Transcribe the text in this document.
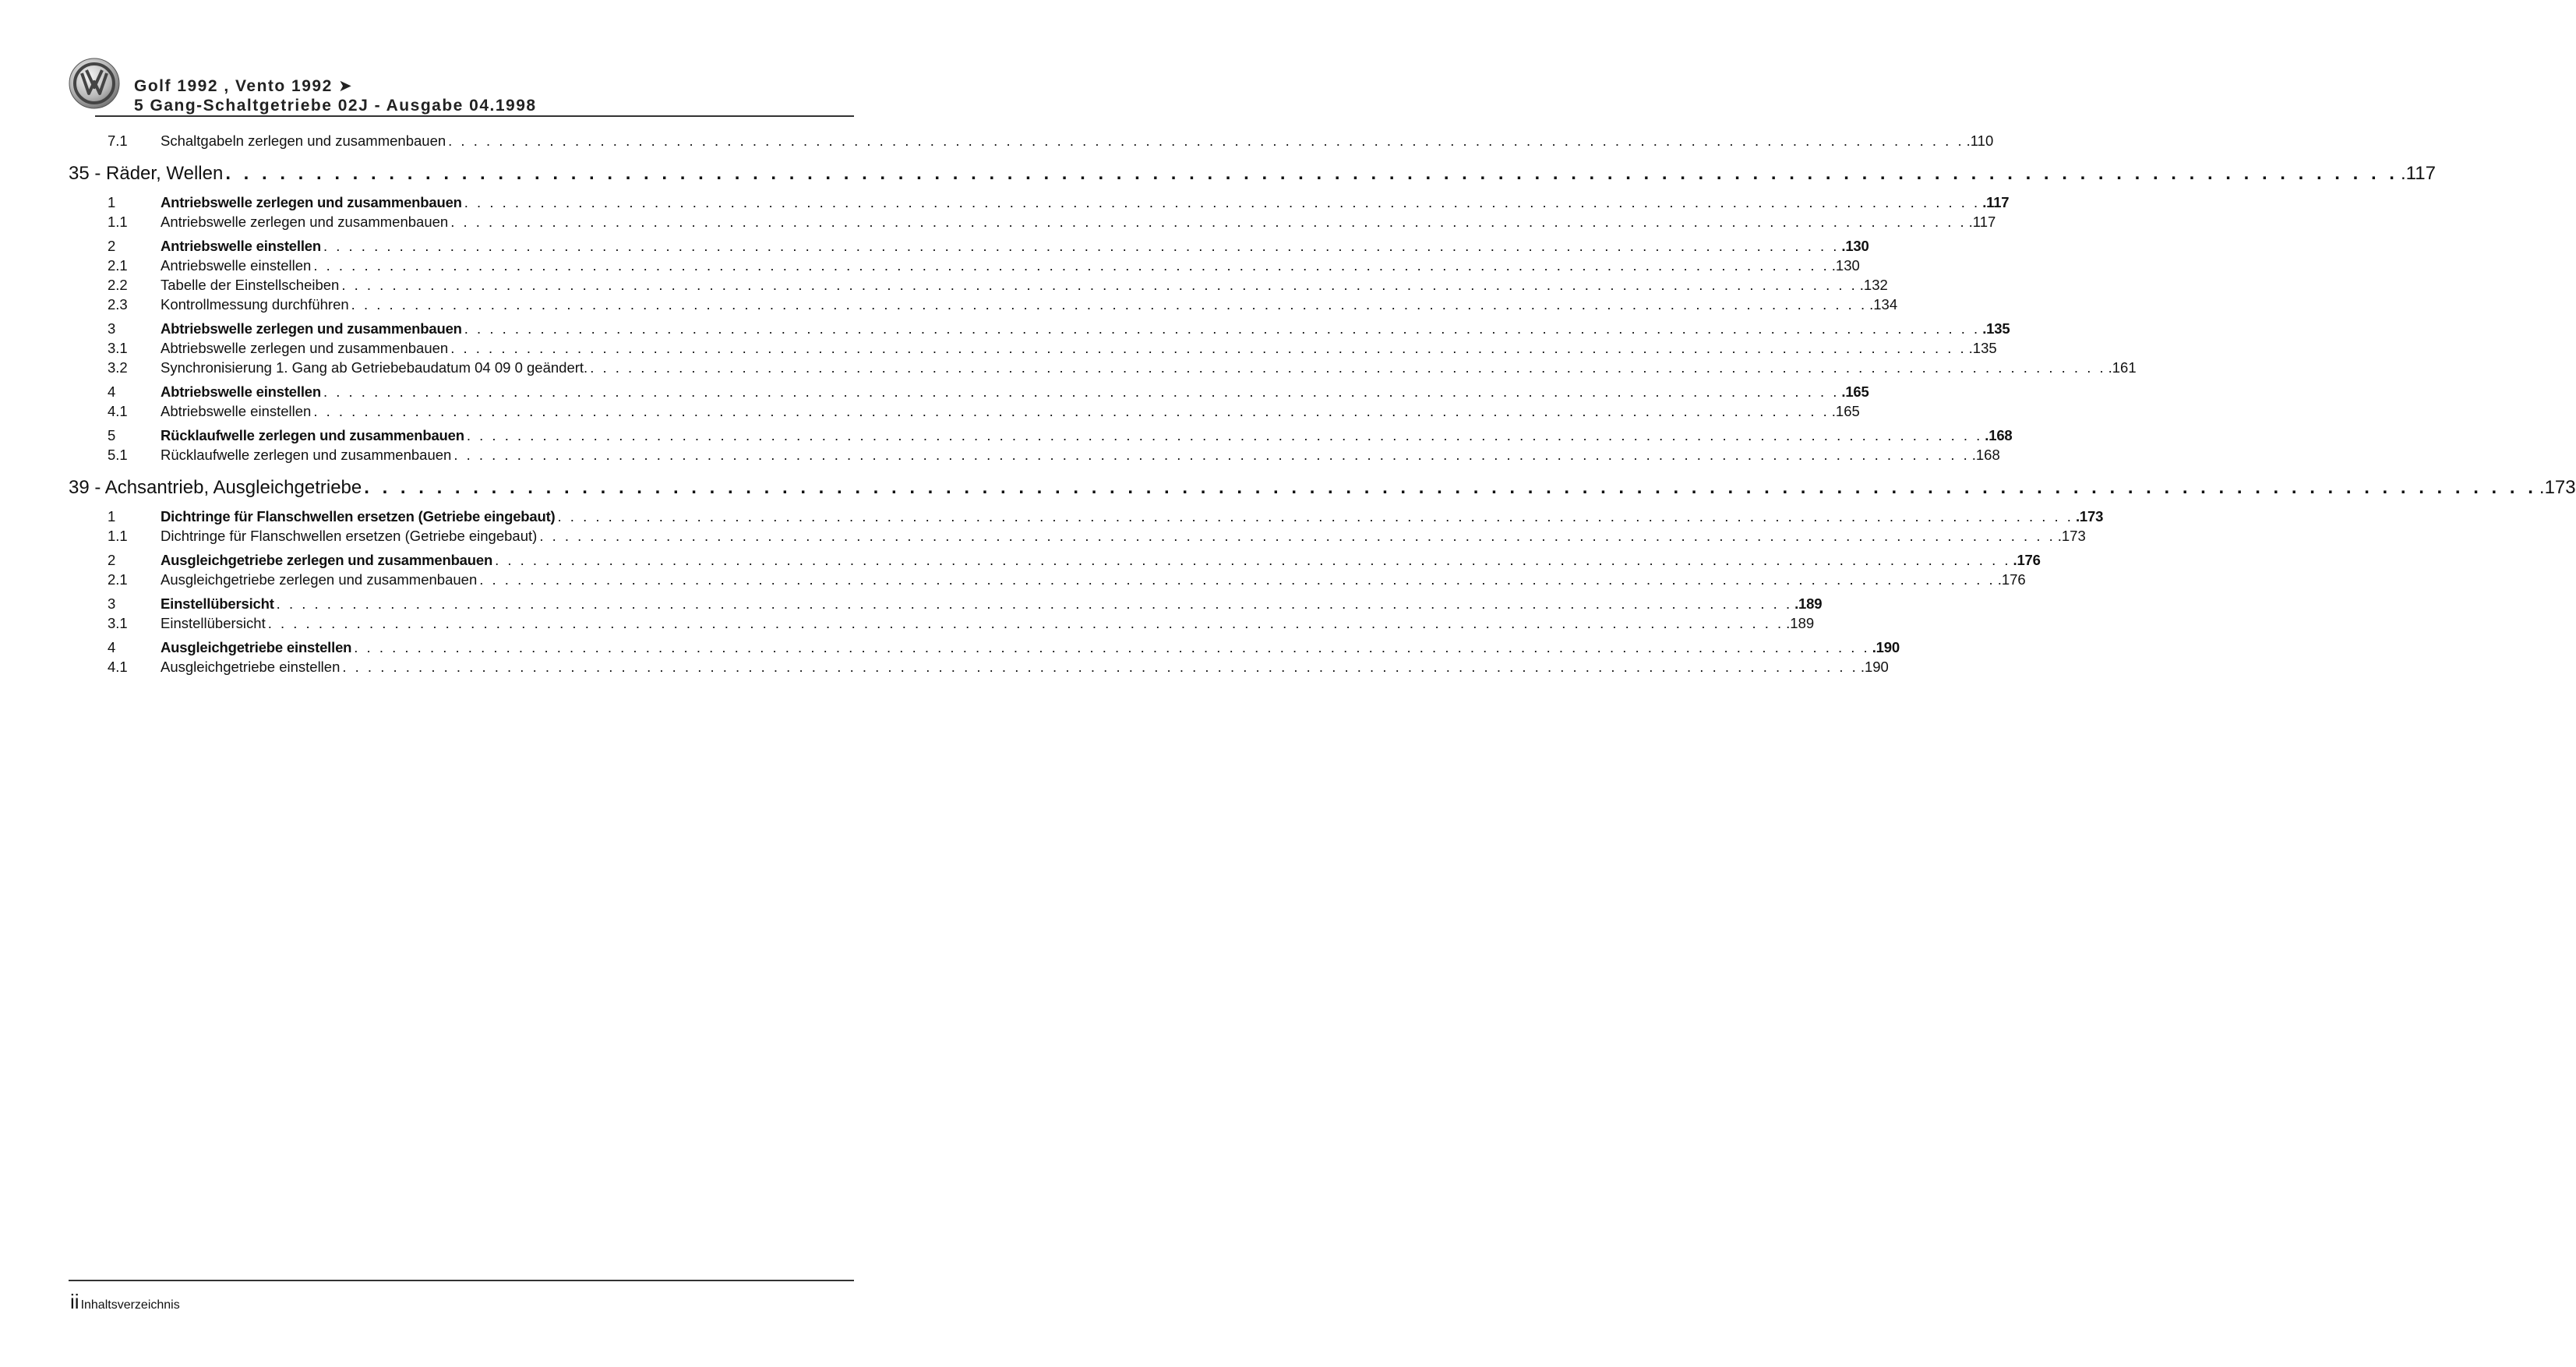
Golf 1992 , Vento 1992 ➤
5 Gang-Schaltgetriebe 02J - Ausgabe 04.1998
7.1	Schaltgabeln zerlegen und zusammenbauen . . . . . . . . . . . . . . . . . . . . . . . . . . . . . . . . . . . . . . . . . . . . . . . . . . . . . . . . . . . . . . . . . . . . . . . . . . . . . . . . . . . . . . . . . . . . . . . . . . . . . . . . . . . . . . . . . . . . . . . . .110
35 - Räder, Wellen . . . . . . . . . . . . . . . . . . . . . . . . . . . . . . . . . . . . . . . . . . . . . . . . . . . . . . . . . . . . . . . . . . . . . . . . . . . . . . . . . . . . . . . . . . . . . . . . . . . . . . . . . . . . . . . . . . . . . . . . .117
1	Antriebswelle zerlegen und zusammenbauen . . . . . . . . . . . . . . . . . . . . . . . . . . . . . . . . . . . . . . . . . . . . . . . . . . . . . . . . . . . . . . . . . . . . . . . . . . . . . . . . . . . . . . . . . . . . . . . . . . . . . . . . . . . . . . . . . . . . . . . . .117
1.1	Antriebswelle zerlegen und zusammenbauen . . . . . . . . . . . . . . . . . . . . . . . . . . . . . . . . . . . . . . . . . . . . . . . . . . . . . . . . . . . . . . . . . . . . . . . . . . . . . . . . . . . . . . . . . . . . . . . . . . . . . . . . . . . . . . . . . . . . . . . . .117
2	Antriebswelle einstellen . . . . . . . . . . . . . . . . . . . . . . . . . . . . . . . . . . . . . . . . . . . . . . . . . . . . . . . . . . . . . . . . . . . . . . . . . . . . . . . . . . . . . . . . . . . . . . . . . . . . . . . . . . . . . . . . . . . . . . . . .130
2.1	Antriebswelle einstellen . . . . . . . . . . . . . . . . . . . . . . . . . . . . . . . . . . . . . . . . . . . . . . . . . . . . . . . . . . . . . . . . . . . . . . . . . . . . . . . . . . . . . . . . . . . . . . . . . . . . . . . . . . . . . . . . . . . . . . . . .130
2.2	Tabelle der Einstellscheiben . . . . . . . . . . . . . . . . . . . . . . . . . . . . . . . . . . . . . . . . . . . . . . . . . . . . . . . . . . . . . . . . . . . . . . . . . . . . . . . . . . . . . . . . . . . . . . . . . . . . . . . . . . . . . . . . . . . . . . . . .132
2.3	Kontrollmessung durchführen . . . . . . . . . . . . . . . . . . . . . . . . . . . . . . . . . . . . . . . . . . . . . . . . . . . . . . . . . . . . . . . . . . . . . . . . . . . . . . . . . . . . . . . . . . . . . . . . . . . . . . . . . . . . . . . . . . . . . . . . .134
3	Abtriebswelle zerlegen und zusammenbauen . . . . . . . . . . . . . . . . . . . . . . . . . . . . . . . . . . . . . . . . . . . . . . . . . . . . . . . . . . . . . . . . . . . . . . . . . . . . . . . . . . . . . . . . . . . . . . . . . . . . . . . . . . . . . . . . . . . . . . . . .135
3.1	Abtriebswelle zerlegen und zusammenbauen . . . . . . . . . . . . . . . . . . . . . . . . . . . . . . . . . . . . . . . . . . . . . . . . . . . . . . . . . . . . . . . . . . . . . . . . . . . . . . . . . . . . . . . . . . . . . . . . . . . . . . . . . . . . . . . . . . . . . . . . .135
3.2	Synchronisierung 1. Gang ab Getriebebaudatum 04 09 0 geändert. . . . . . . . . . . . . . . . . . . . . . . . . . . . . . . . . . . . . . . . . . . . . . . . . . . . . . . . . . . . . . . . . . . . . . . . . . . . . . . . . . . . . . . . . . . . . . . . . . . . . . . . . . . . . . . . . . . . . . . . . .161
4	Abtriebswelle einstellen . . . . . . . . . . . . . . . . . . . . . . . . . . . . . . . . . . . . . . . . . . . . . . . . . . . . . . . . . . . . . . . . . . . . . . . . . . . . . . . . . . . . . . . . . . . . . . . . . . . . . . . . . . . . . . . . . . . . . . . . .165
4.1	Abtriebswelle einstellen . . . . . . . . . . . . . . . . . . . . . . . . . . . . . . . . . . . . . . . . . . . . . . . . . . . . . . . . . . . . . . . . . . . . . . . . . . . . . . . . . . . . . . . . . . . . . . . . . . . . . . . . . . . . . . . . . . . . . . . . .165
5	Rücklaufwelle zerlegen und zusammenbauen . . . . . . . . . . . . . . . . . . . . . . . . . . . . . . . . . . . . . . . . . . . . . . . . . . . . . . . . . . . . . . . . . . . . . . . . . . . . . . . . . . . . . . . . . . . . . . . . . . . . . . . . . . . . . . . . . . . . . . . . .168
5.1	Rücklaufwelle zerlegen und zusammenbauen . . . . . . . . . . . . . . . . . . . . . . . . . . . . . . . . . . . . . . . . . . . . . . . . . . . . . . . . . . . . . . . . . . . . . . . . . . . . . . . . . . . . . . . . . . . . . . . . . . . . . . . . . . . . . . . . . . . . . . . . .168
39 - Achsantrieb, Ausgleichgetriebe . . . . . . . . . . . . . . . . . . . . . . . . . . . . . . . . . . . . . . . . . . . . . . . . . . . . . . . . . . . . . . . . . . . . . . . . . . . . . . . . . . . . . . . . . . . . . . . . . . . . . . . . . . . . . . . . . . . . . . . . .173
1	Dichtringe für Flanschwellen ersetzen (Getriebe eingebaut) . . . . . . . . . . . . . . . . . . . . . . . . . . . . . . . . . . . . . . . . . . . . . . . . . . . . . . . . . . . . . . . . . . . . . . . . . . . . . . . . . . . . . . . . . . . . . . . . . . . . . . . . . . . . . . . . . . . . . . . . .173
1.1	Dichtringe für Flanschwellen ersetzen (Getriebe eingebaut) . . . . . . . . . . . . . . . . . . . . . . . . . . . . . . . . . . . . . . . . . . . . . . . . . . . . . . . . . . . . . . . . . . . . . . . . . . . . . . . . . . . . . . . . . . . . . . . . . . . . . . . . . . . . . . . . . . . . . . . . .173
2	Ausgleichgetriebe zerlegen und zusammenbauen . . . . . . . . . . . . . . . . . . . . . . . . . . . . . . . . . . . . . . . . . . . . . . . . . . . . . . . . . . . . . . . . . . . . . . . . . . . . . . . . . . . . . . . . . . . . . . . . . . . . . . . . . . . . . . . . . . . . . . . . .176
2.1	Ausgleichgetriebe zerlegen und zusammenbauen . . . . . . . . . . . . . . . . . . . . . . . . . . . . . . . . . . . . . . . . . . . . . . . . . . . . . . . . . . . . . . . . . . . . . . . . . . . . . . . . . . . . . . . . . . . . . . . . . . . . . . . . . . . . . . . . . . . . . . . . .176
3	Einstellübersicht . . . . . . . . . . . . . . . . . . . . . . . . . . . . . . . . . . . . . . . . . . . . . . . . . . . . . . . . . . . . . . . . . . . . . . . . . . . . . . . . . . . . . . . . . . . . . . . . . . . . . . . . . . . . . . . . . . . . . . . . .189
3.1	Einstellübersicht . . . . . . . . . . . . . . . . . . . . . . . . . . . . . . . . . . . . . . . . . . . . . . . . . . . . . . . . . . . . . . . . . . . . . . . . . . . . . . . . . . . . . . . . . . . . . . . . . . . . . . . . . . . . . . . . . . . . . . . . .189
4	Ausgleichgetriebe einstellen . . . . . . . . . . . . . . . . . . . . . . . . . . . . . . . . . . . . . . . . . . . . . . . . . . . . . . . . . . . . . . . . . . . . . . . . . . . . . . . . . . . . . . . . . . . . . . . . . . . . . . . . . . . . . . . . . . . . . . . . .190
4.1	Ausgleichgetriebe einstellen . . . . . . . . . . . . . . . . . . . . . . . . . . . . . . . . . . . . . . . . . . . . . . . . . . . . . . . . . . . . . . . . . . . . . . . . . . . . . . . . . . . . . . . . . . . . . . . . . . . . . . . . . . . . . . . . . . . . . . . . .190
ii Inhaltsverzeichnis
